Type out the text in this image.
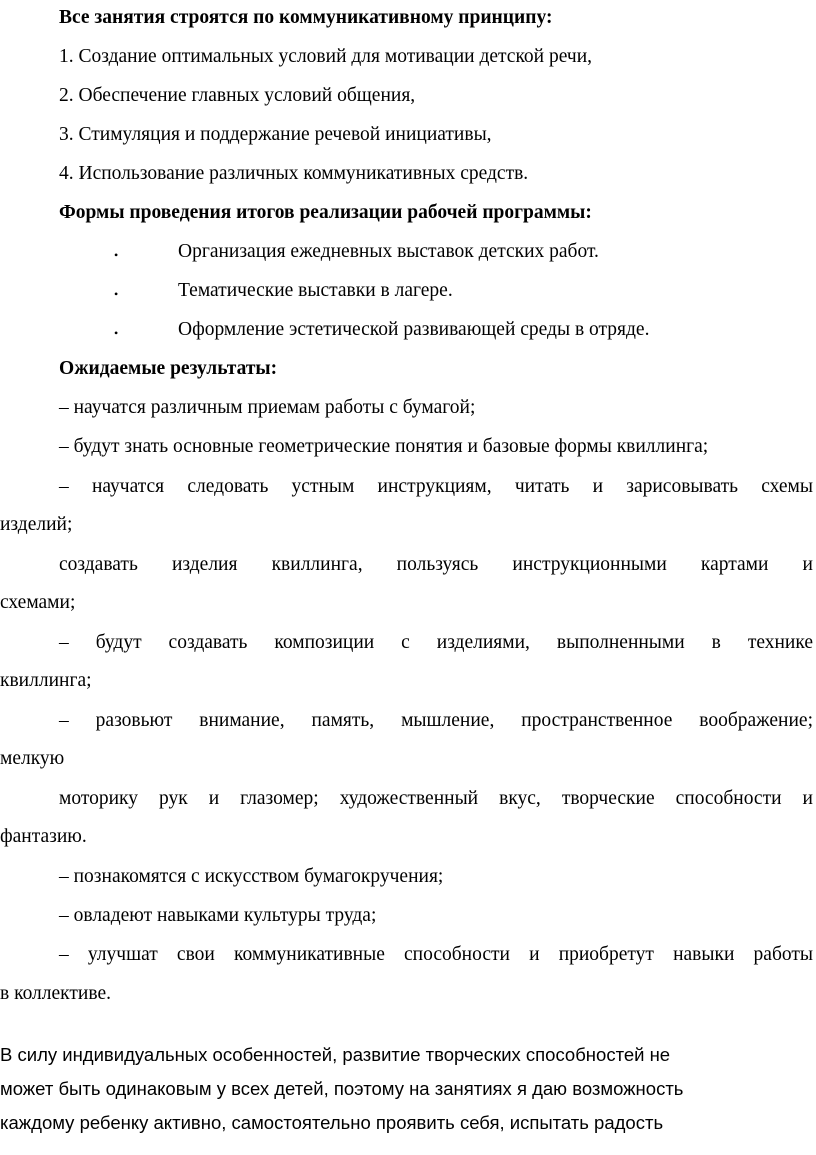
Все занятия строятся по коммуникативному принципу:
1. Создание оптимальных условий для мотивации детской речи,
2. Обеспечение главных условий общения,
3. Стимуляция и поддержание речевой инициативы,
4. Использование различных коммуникативных средств.
Формы проведения итогов реализации рабочей программы:
•	Организация ежедневных выставок детских работ.
•	Тематические выставки в лагере.
•	Оформление эстетической развивающей среды в отряде.
Ожидаемые результаты:
– научатся различным приемам работы с бумагой;
– будут знать основные геометрические понятия и базовые формы квиллинга;
– научатся следовать устным инструкциям, читать и зарисовывать схемы
изделий;
создавать изделия квиллинга, пользуясь инструкционными картами и
схемами;
– будут создавать композиции с изделиями, выполненными в технике
квиллинга;
– разовьют внимание, память, мышление, пространственное воображение;
мелкую
моторику рук и глазомер; художественный вкус, творческие способности и
фантазию.
– познакомятся с искусством бумагокручения;
– овладеют навыками культуры труда;
– улучшат свои коммуникативные способности и приобретут навыки работы
в коллективе.
В силу индивидуальных особенностей, развитие творческих способностей не
может быть одинаковым у всех детей, поэтому на занятиях я даю возможность
каждому ребенку активно, самостоятельно проявить себя, испытать радость
